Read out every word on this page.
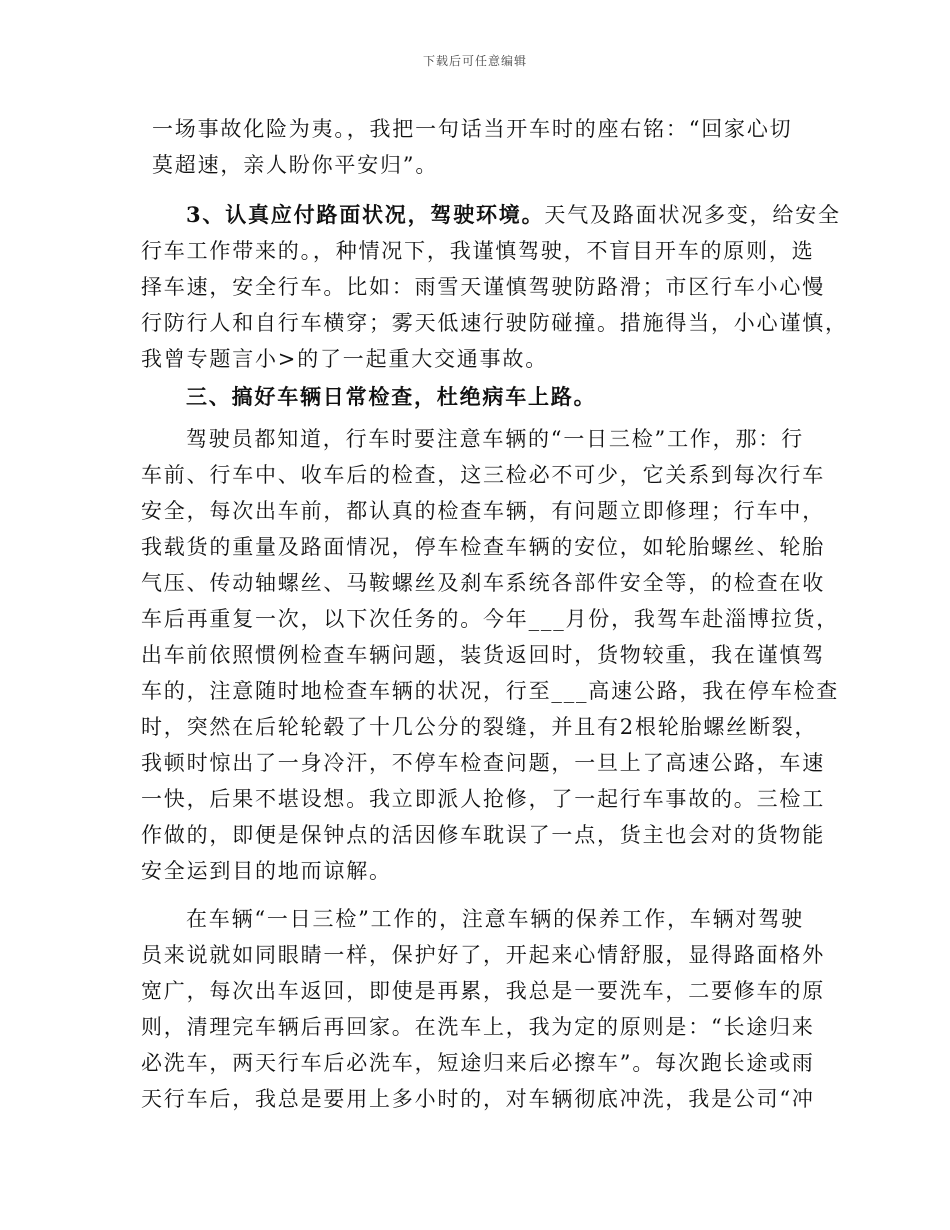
下载后可任意编辑
一场事故化险为夷。，我把一句话当开车时的座右铭：“回家心切
莫超速，亲人盼你平安归”。
3、认真应付路面状况，驾驶环境。天气及路面状况多变，给安全
行车工作带来的。，种情况下，我谨慎驾驶，不盲目开车的原则，选
择车速，安全行车。比如：雨雪天谨慎驾驶防路滑；市区行车小心慢
行防行人和自行车横穿；雾天低速行驶防碰撞。措施得当，小心谨慎，
我曾专题言小>的了一起重大交通事故。
三、搞好车辆日常检查，杜绝病车上路。
驾驶员都知道，行车时要注意车辆的“一日三检”工作，那：行
车前、行车中、收车后的检查，这三检必不可少，它关系到每次行车
安全，每次出车前，都认真的检查车辆，有问题立即修理；行车中，
我载货的重量及路面情况，停车检查车辆的安位，如轮胎螺丝、轮胎
气压、传动轴螺丝、马鞍螺丝及刹车系统各部件安全等，的检查在收
车后再重复一次，以下次任务的。今年___月份，我驾车赴淄博拉货，
出车前依照惯例检查车辆问题，装货返回时，货物较重，我在谨慎驾
车的，注意随时地检查车辆的状况，行至___高速公路，我在停车检查
时，突然在后轮轮毂了十几公分的裂缝，并且有2根轮胎螺丝断裂，
我顿时惊出了一身冷汗，不停车检查问题，一旦上了高速公路，车速
一快，后果不堪设想。我立即派人抢修，了一起行车事故的。三检工
作做的，即便是保钟点的活因修车耽误了一点，货主也会对的货物能
安全运到目的地而谅解。
在车辆“一日三检”工作的，注意车辆的保养工作，车辆对驾驶
员来说就如同眼睛一样，保护好了，开起来心情舒服，显得路面格外
宽广，每次出车返回，即使是再累，我总是一要洗车，二要修车的原
则，清理完车辆后再回家。在洗车上，我为定的原则是：“长途归来
必洗车，两天行车后必洗车，短途归来后必擦车”。每次跑长途或雨
天行车后，我总是要用上多小时的，对车辆彻底冲洗，我是公司“冲
